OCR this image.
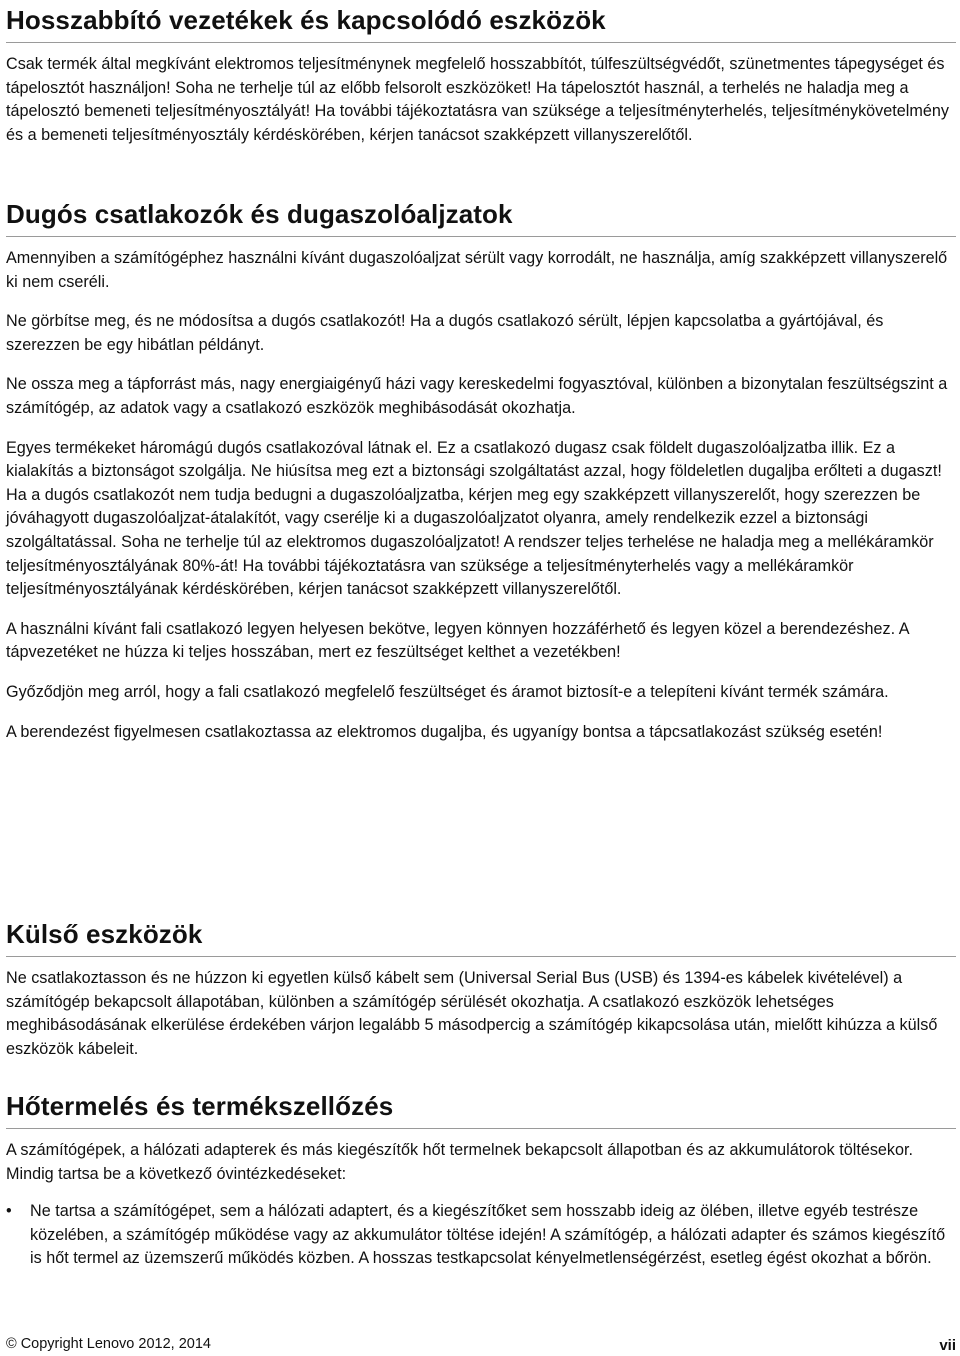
Hosszabbító vezetékek és kapcsolódó eszközök

Csak termék által megkívánt elektromos teljesítménynek megfelelő hosszabbítót, túlfeszültségvédőt, szünetmentes tápegységet és tápelosztót használjon! Soha ne terhelje túl az előbb felsorolt eszközöket! Ha tápelosztót használ, a terhelés ne haladja meg a tápelosztó bemeneti teljesítményosztályát! Ha további tájékoztatásra van szüksége a teljesítményterhelés, teljesítménykövetelmény és a bemeneti teljesítményosztály kérdéskörében, kérjen tanácsot szakképzett villanyszerelőtől.

Dugós csatlakozók és dugaszolóaljzatok

Amennyiben a számítógéphez használni kívánt dugaszolóaljzat sérült vagy korrodált, ne használja, amíg szakképzett villanyszerelő ki nem cseréli.

Ne görbítse meg, és ne módosítsa a dugós csatlakozót! Ha a dugós csatlakozó sérült, lépjen kapcsolatba a gyártójával, és szerezzen be egy hibátlan példányt.

Ne ossza meg a tápforrást más, nagy energiaigényű házi vagy kereskedelmi fogyasztóval, különben a bizonytalan feszültségszint a számítógép, az adatok vagy a csatlakozó eszközök meghibásodását okozhatja.

Egyes termékeket háromágú dugós csatlakozóval látnak el. Ez a csatlakozó dugasz csak földelt dugaszolóaljzatba illik. Ez a kialakítás a biztonságot szolgálja. Ne hiúsítsa meg ezt a biztonsági szolgáltatást azzal, hogy földeletlen dugaljba erőlteti a dugaszt! Ha a dugós csatlakozót nem tudja bedugni a dugaszolóaljzatba, kérjen meg egy szakképzett villanyszerelőt, hogy szerezzen be jóváhagyott dugaszolóaljzat-átalakítót, vagy cserélje ki a dugaszolóaljzatot olyanra, amely rendelkezik ezzel a biztonsági szolgáltatással. Soha ne terhelje túl az elektromos dugaszolóaljzatot! A rendszer teljes terhelése ne haladja meg a mellékáramkör teljesítményosztályának 80%-át! Ha további tájékoztatásra van szüksége a teljesítményterhelés vagy a mellékáramkör teljesítményosztályának kérdéskörében, kérjen tanácsot szakképzett villanyszerelőtől.

A használni kívánt fali csatlakozó legyen helyesen bekötve, legyen könnyen hozzáférhető és legyen közel a berendezéshez. A tápvezetéket ne húzza ki teljes hosszában, mert ez feszültséget kelthet a vezetékben!

Győződjön meg arról, hogy a fali csatlakozó megfelelő feszültséget és áramot biztosít-e a telepíteni kívánt termék számára.

A berendezést figyelmesen csatlakoztassa az elektromos dugaljba, és ugyanígy bontsa a tápcsatlakozást szükség esetén!

Külső eszközök

Ne csatlakoztasson és ne húzzon ki egyetlen külső kábelt sem (Universal Serial Bus (USB) és 1394-es kábelek kivételével) a számítógép bekapcsolt állapotában, különben a számítógép sérülését okozhatja. A csatlakozó eszközök lehetséges meghibásodásának elkerülése érdekében várjon legalább 5 másodpercig a számítógép kikapcsolása után, mielőtt kihúzza a külső eszközök kábeleit.

Hőtermelés és termékszellőzés

A számítógépek, a hálózati adapterek és más kiegészítők hőt termelnek bekapcsolt állapotban és az akkumulátorok töltésekor. Mindig tartsa be a következő óvintézkedéseket:

• Ne tartsa a számítógépet, sem a hálózati adaptert, és a kiegészítőket sem hosszabb ideig az ölében, illetve egyéb testrésze közelében, a számítógép működése vagy az akkumulátor töltése idején! A számítógép, a hálózati adapter és számos kiegészítő is hőt termel az üzemszerű működés közben. A hosszas testkapcsolat kényelmetlenségérzést, esetleg égést okozhat a bőrön.
© Copyright Lenovo 2012, 2014	vii
